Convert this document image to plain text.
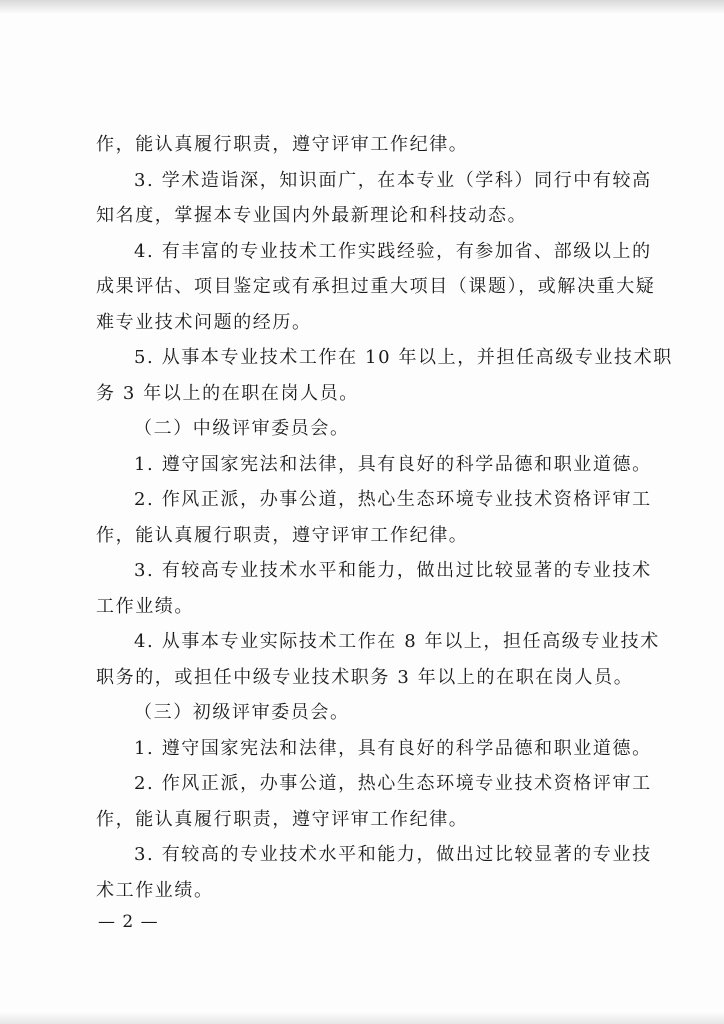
作，能认真履行职责，遵守评审工作纪律。
3. 学术造诣深，知识面广，在本专业（学科）同行中有较高
知名度，掌握本专业国内外最新理论和科技动态。
4. 有丰富的专业技术工作实践经验，有参加省、部级以上的
成果评估、项目鉴定或有承担过重大项目（课题），或解决重大疑
难专业技术问题的经历。
5. 从事本专业技术工作在 10 年以上，并担任高级专业技术职
务 3 年以上的在职在岗人员。
（二）中级评审委员会。
1. 遵守国家宪法和法律，具有良好的科学品德和职业道德。
2. 作风正派，办事公道，热心生态环境专业技术资格评审工
作，能认真履行职责，遵守评审工作纪律。
3. 有较高专业技术水平和能力，做出过比较显著的专业技术
工作业绩。
4. 从事本专业实际技术工作在 8 年以上，担任高级专业技术
职务的，或担任中级专业技术职务 3 年以上的在职在岗人员。
（三）初级评审委员会。
1. 遵守国家宪法和法律，具有良好的科学品德和职业道德。
2. 作风正派，办事公道，热心生态环境专业技术资格评审工
作，能认真履行职责，遵守评审工作纪律。
3. 有较高的专业技术水平和能力，做出过比较显著的专业技
术工作业绩。
— 2 —
